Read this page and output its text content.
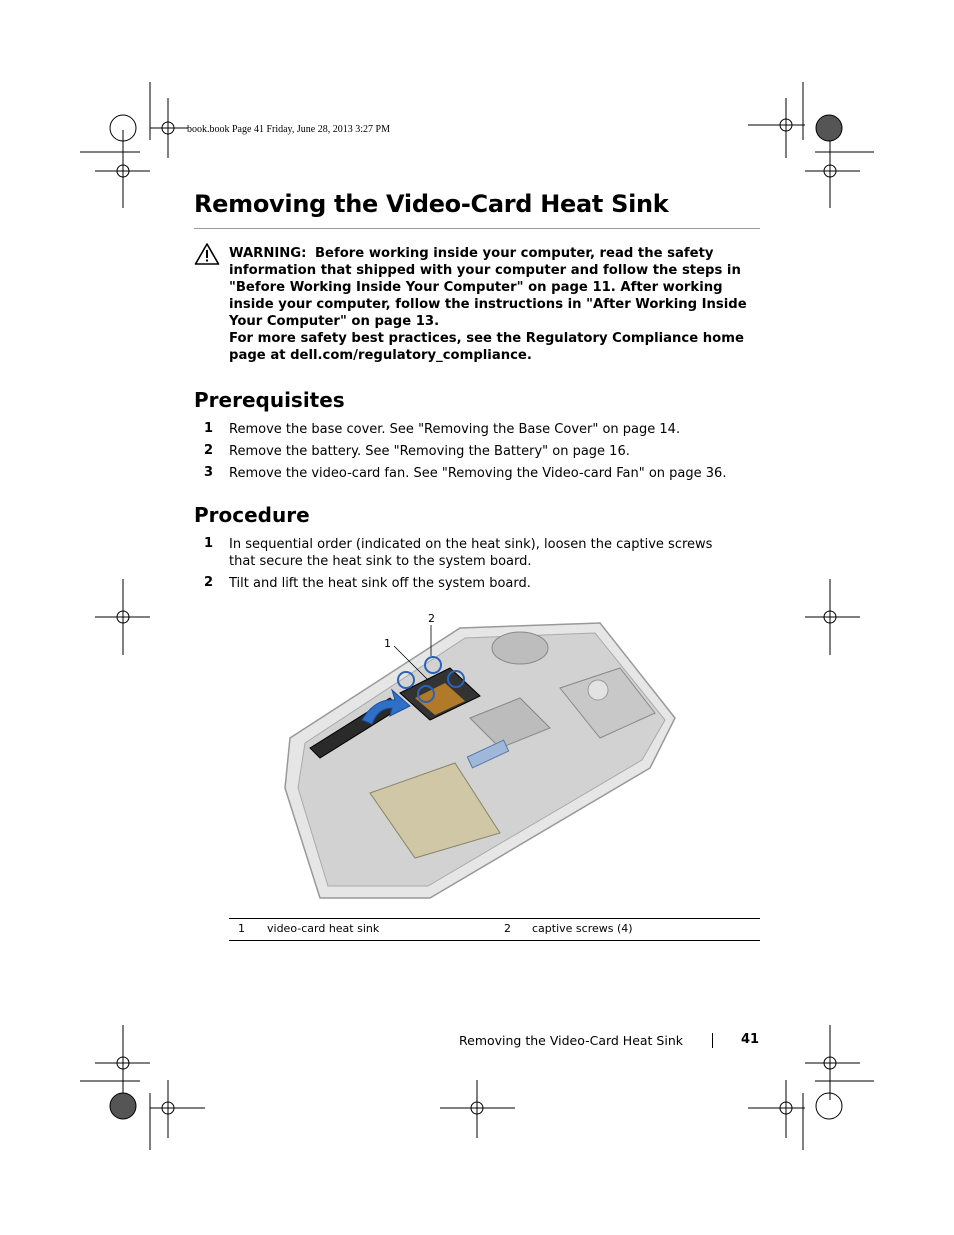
book.book Page 41 Friday, June 28, 2013 3:27 PM
Removing the Video-Card Heat Sink
WARNING: Before working inside your computer, read the safety information that shipped with your computer and follow the steps in "Before Working Inside Your Computer" on page 11. After working inside your computer, follow the instructions in "After Working Inside Your Computer" on page 13.
For more safety best practices, see the Regulatory Compliance home page at dell.com/regulatory_compliance.
Prerequisites
1 Remove the base cover. See "Removing the Base Cover" on page 14.
2 Remove the battery. See "Removing the Battery" on page 16.
3 Remove the video-card fan. See "Removing the Video-card Fan" on page 36.
Procedure
1 In sequential order (indicated on the heat sink), loosen the captive screws that secure the heat sink to the system board.
2 Tilt and lift the heat sink off the system board.
1
2
1 video-card heat sink	2 captive screws (4)
Removing the Video-Card Heat Sink	41
